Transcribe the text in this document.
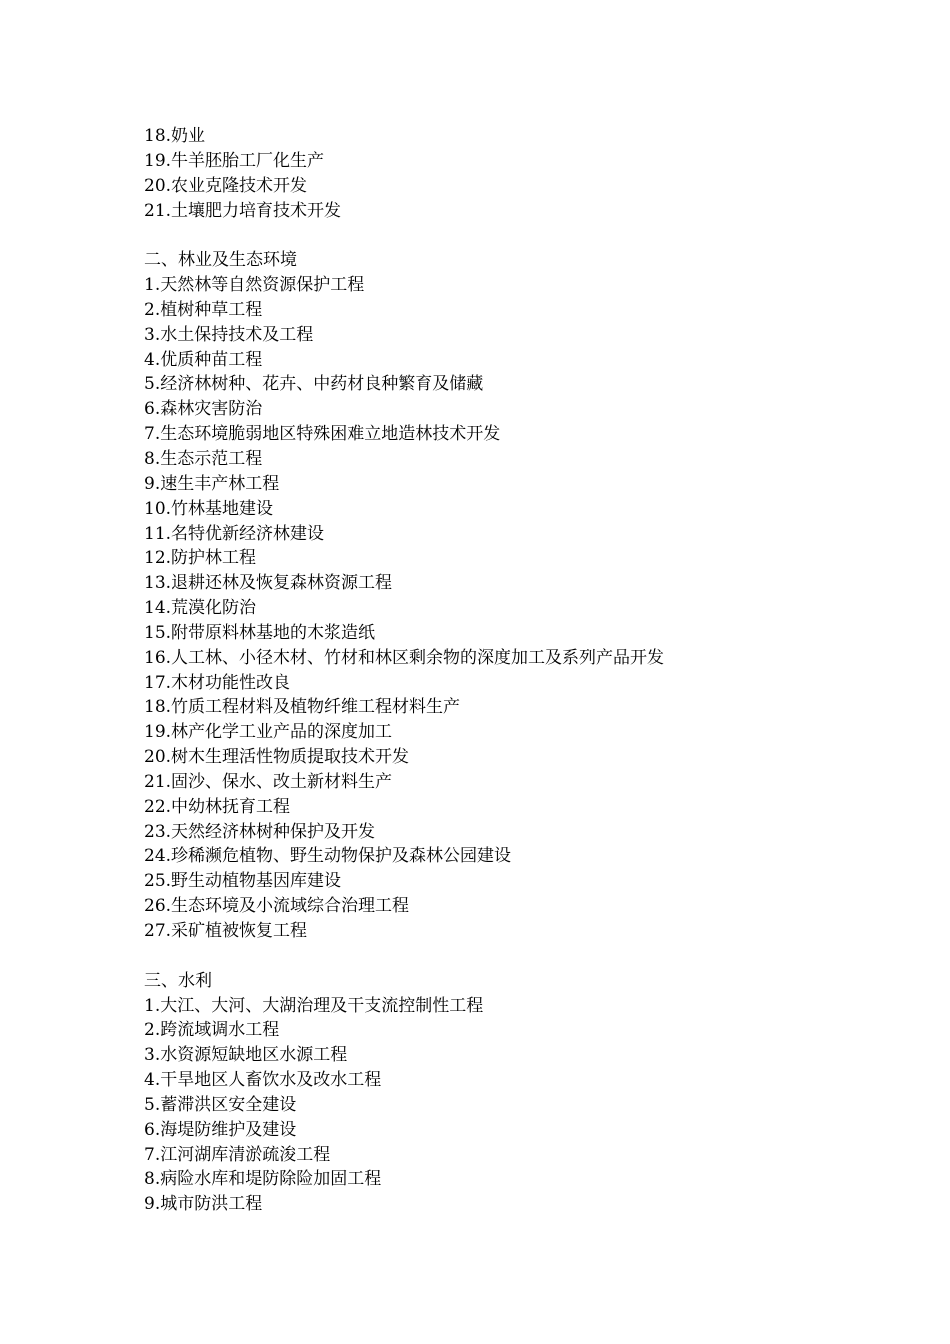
18.奶业
19.牛羊胚胎工厂化生产
20.农业克隆技术开发
21.土壤肥力培育技术开发
二、林业及生态环境
1.天然林等自然资源保护工程
2.植树种草工程
3.水土保持技术及工程
4.优质种苗工程
5.经济林树种、花卉、中药材良种繁育及储藏
6.森林灾害防治
7.生态环境脆弱地区特殊困难立地造林技术开发
8.生态示范工程
9.速生丰产林工程
10.竹林基地建设
11.名特优新经济林建设
12.防护林工程
13.退耕还林及恢复森林资源工程
14.荒漠化防治
15.附带原料林基地的木浆造纸
16.人工林、小径木材、竹材和林区剩余物的深度加工及系列产品开发
17.木材功能性改良
18.竹质工程材料及植物纤维工程材料生产
19.林产化学工业产品的深度加工
20.树木生理活性物质提取技术开发
21.固沙、保水、改土新材料生产
22.中幼林抚育工程
23.天然经济林树种保护及开发
24.珍稀濒危植物、野生动物保护及森林公园建设
25.野生动植物基因库建设
26.生态环境及小流域综合治理工程
27.采矿植被恢复工程
三、水利
1.大江、大河、大湖治理及干支流控制性工程
2.跨流域调水工程
3.水资源短缺地区水源工程
4.干旱地区人畜饮水及改水工程
5.蓄滞洪区安全建设
6.海堤防维护及建设
7.江河湖库清淤疏浚工程
8.病险水库和堤防除险加固工程
9.城市防洪工程
